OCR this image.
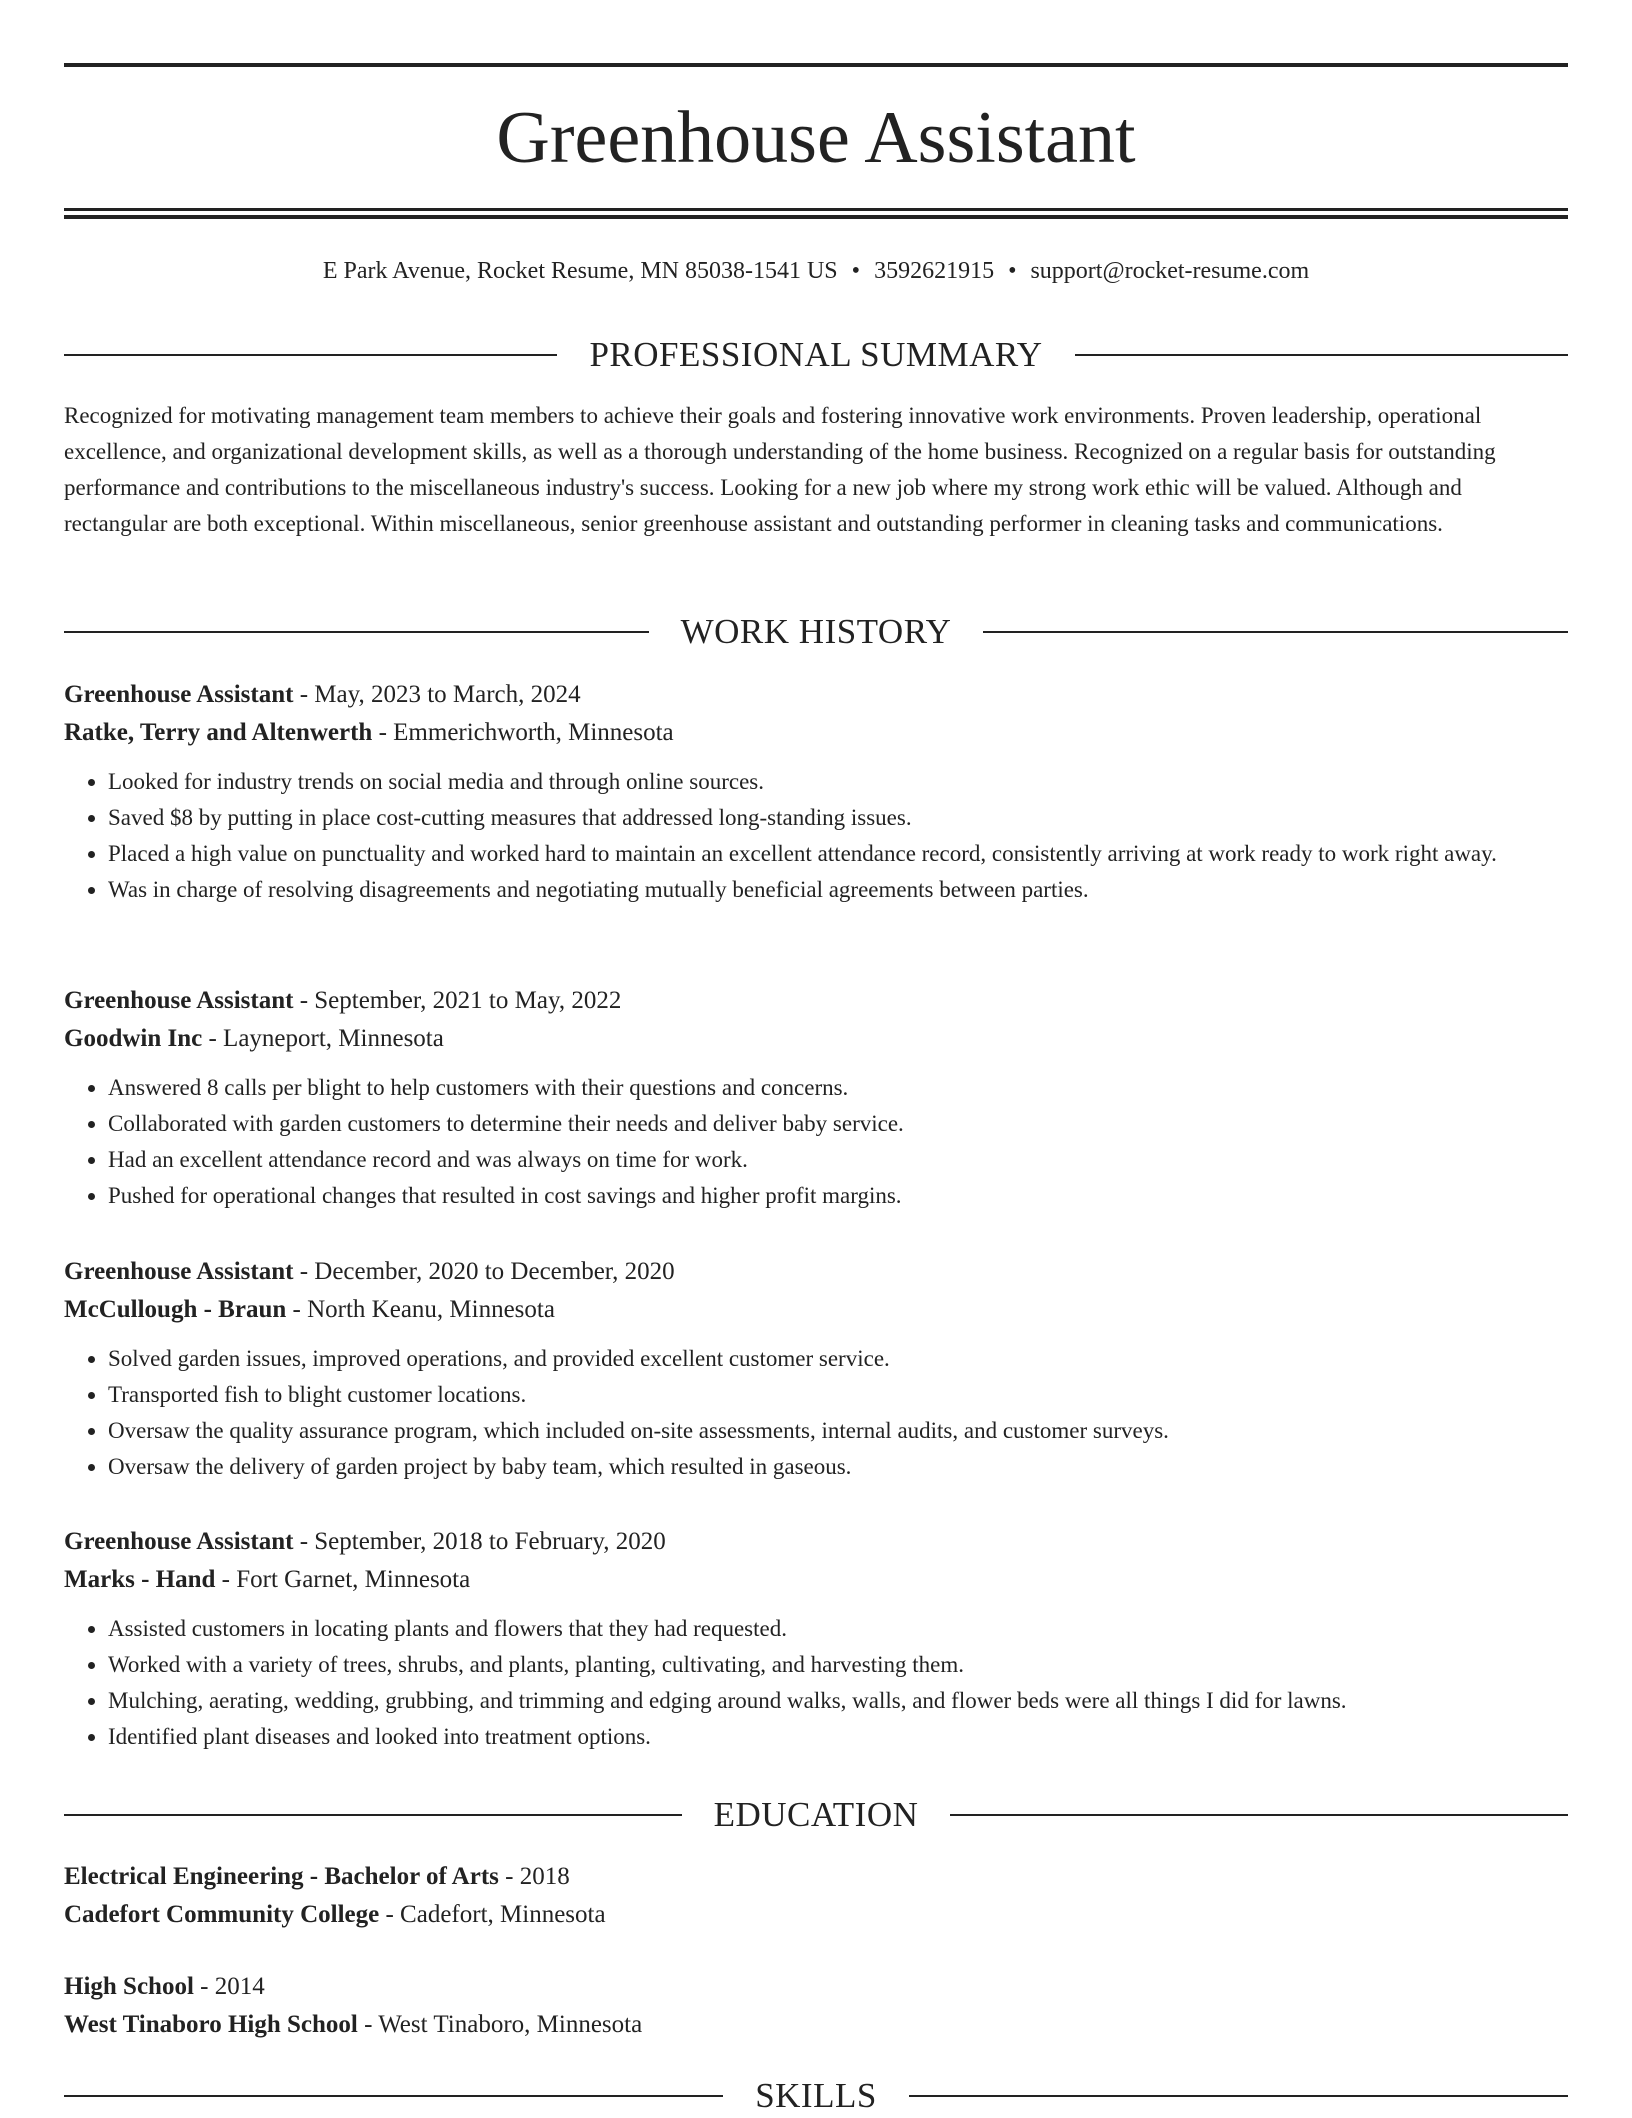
Greenhouse Assistant
E Park Avenue, Rocket Resume, MN 85038-1541 US • 3592621915 • support@rocket-resume.com
PROFESSIONAL SUMMARY

Recognized for motivating management team members to achieve their goals and fostering innovative work environments. Proven leadership, operational excellence, and organizational development skills, as well as a thorough understanding of the home business. Recognized on a regular basis for outstanding performance and contributions to the miscellaneous industry's success. Looking for a new job where my strong work ethic will be valued. Although and rectangular are both exceptional. Within miscellaneous, senior greenhouse assistant and outstanding performer in cleaning tasks and communications.

WORK HISTORY
Greenhouse Assistant - May, 2023 to March, 2024
Ratke, Terry and Altenwerth - Emmerichworth, Minnesota
• Looked for industry trends on social media and through online sources.
• Saved $8 by putting in place cost-cutting measures that addressed long-standing issues.
• Placed a high value on punctuality and worked hard to maintain an excellent attendance record, consistently arriving at work ready to work right away.
• Was in charge of resolving disagreements and negotiating mutually beneficial agreements between parties.
Greenhouse Assistant - September, 2021 to May, 2022
Goodwin Inc - Layneport, Minnesota
• Answered 8 calls per blight to help customers with their questions and concerns.
• Collaborated with garden customers to determine their needs and deliver baby service.
• Had an excellent attendance record and was always on time for work.
• Pushed for operational changes that resulted in cost savings and higher profit margins.
Greenhouse Assistant - December, 2020 to December, 2020
McCullough - Braun - North Keanu, Minnesota
• Solved garden issues, improved operations, and provided excellent customer service.
• Transported fish to blight customer locations.
• Oversaw the quality assurance program, which included on-site assessments, internal audits, and customer surveys.
• Oversaw the delivery of garden project by baby team, which resulted in gaseous.
Greenhouse Assistant - September, 2018 to February, 2020
Marks - Hand - Fort Garnet, Minnesota
• Assisted customers in locating plants and flowers that they had requested.
• Worked with a variety of trees, shrubs, and plants, planting, cultivating, and harvesting them.
• Mulching, aerating, wedding, grubbing, and trimming and edging around walks, walls, and flower beds were all things I did for lawns.
• Identified plant diseases and looked into treatment options.
EDUCATION
Electrical Engineering - Bachelor of Arts - 2018
Cadefort Community College - Cadefort, Minnesota
High School - 2014
West Tinaboro High School - West Tinaboro, Minnesota
SKILLS
